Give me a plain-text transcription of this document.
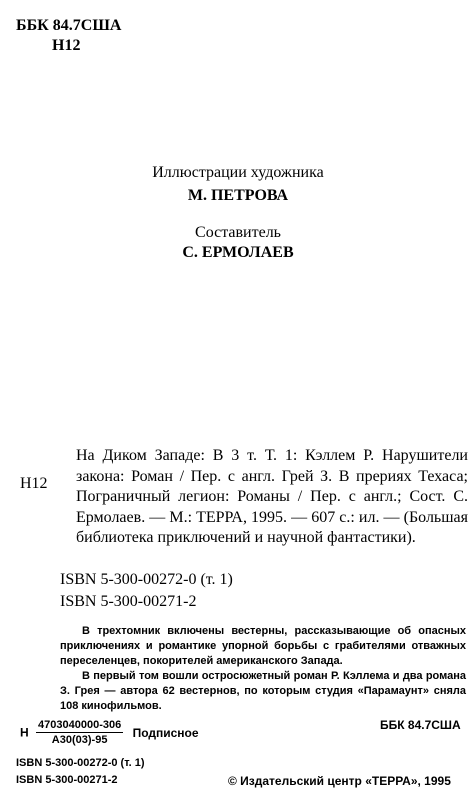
ББК 84.7США
Н12
Иллюстрации художника
М. ПЕТРОВА
Составитель
С. ЕРМОЛАЕВ
Н12
На Диком Западе: В 3 т. Т. 1: Кэллем Р. Нарушители закона: Роман / Пер. с англ. Грей З. В прериях Техаса; Пограничный легион: Романы / Пер. с англ.; Сост. С. Ермолаев. — М.: ТЕРРА, 1995. — 607 с.: ил. — (Большая библиотека приключений и научной фантастики).
ISBN 5-300-00272-0 (т. 1)
ISBN 5-300-00271-2

В трехтомник включены вестерны, рассказывающие об опасных приключениях и романтике упорной борьбы с грабителями отважных переселенцев, покорителей американского Запада.

В первый том вошли остросюжетный роман Р. Кэллема и два романа З. Грея — автора 62 вестернов, по которым студия «Парамаунт» сняла 108 кинофильмов.

Н $\frac{4703040000-306}{А30(03)-95}$ Подписное
ББК 84.7США
ISBN 5-300-00272-0 (т. 1)
ISBN 5-300-00271-2	© Издательский центр «ТЕРРА», 1995
